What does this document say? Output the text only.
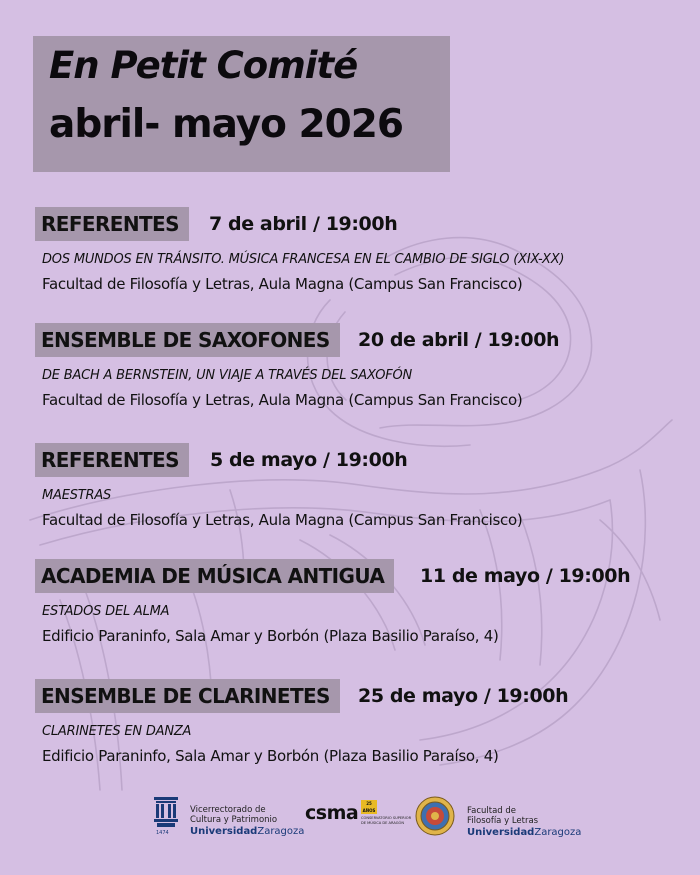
En Petit Comité
abril- mayo 2026
REFERENTES	7 de abril / 19:00h
DOS MUNDOS EN TRÁNSITO. MÚSICA FRANCESA EN EL CAMBIO DE SIGLO (XIX-XX)
Facultad de Filosofía y Letras, Aula Magna (Campus San Francisco)
ENSEMBLE DE SAXOFONES	20 de abril / 19:00h
DE BACH A BERNSTEIN, UN VIAJE A TRAVÉS DEL SAXOFÓN
Facultad de Filosofía y Letras, Aula Magna (Campus San Francisco)
REFERENTES	5 de mayo / 19:00h
MAESTRAS
Facultad de Filosofía y Letras, Aula Magna (Campus San Francisco)
ACADEMIA DE MÚSICA ANTIGUA	11 de mayo / 19:00h
ESTADOS DEL ALMA
Edificio Paraninfo, Sala Amar y Borbón (Plaza Basilio Paraíso, 4)
ENSEMBLE DE CLARINETES	25 de mayo / 19:00h
CLARINETES EN DANZA
Edificio Paraninfo, Sala Amar y Borbón (Plaza Basilio Paraíso, 4)
1474
Vicerrectorado de
Cultura y Patrimonio
UniversidadZaragoza
csma	25 AÑOS
CONSERVATORIO SUPERIOR
DE MÚSICA DE ARAGÓN
Facultad de
Filosofía y Letras
UniversidadZaragoza
